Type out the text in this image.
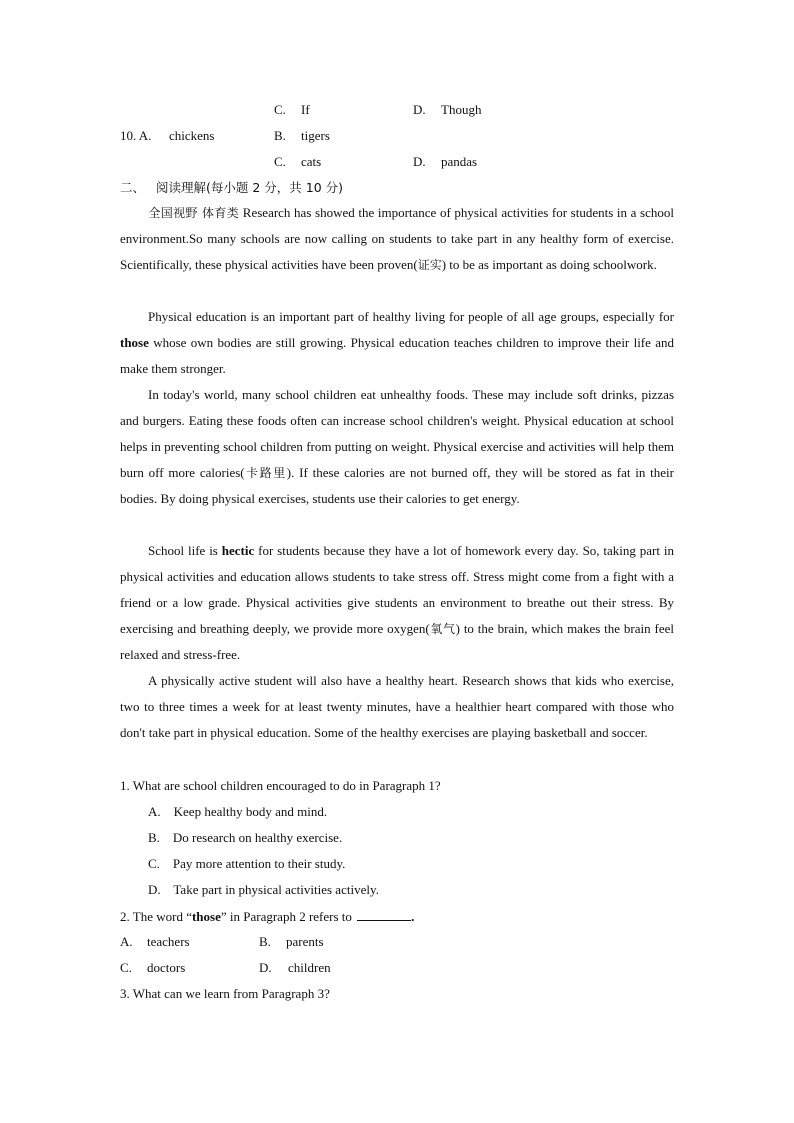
C. If	D. Though
10. A. chickens	B. tigers
C. cats	D. pandas
二、 阅读理解(每小题 2 分，共 10 分)
全国视野 体育类 Research has showed the importance of physical activities for students in a school environment.So many schools are now calling on students to take part in any healthy form of exercise. Scientifically, these physical activities have been proven(证实) to be as important as doing schoolwork.
Physical education is an important part of healthy living for people of all age groups, especially for those whose own bodies are still growing. Physical education teaches children to improve their life and make them stronger.
In today's world, many school children eat unhealthy foods. These may include soft drinks, pizzas and burgers. Eating these foods often can increase school children's weight. Physical education at school helps in preventing school children from putting on weight. Physical exercise and activities will help them burn off more calories(卡路里). If these calories are not burned off, they will be stored as fat in their bodies. By doing physical exercises, students use their calories to get energy.
School life is hectic for students because they have a lot of homework every day. So, taking part in physical activities and education allows students to take stress off. Stress might come from a fight with a friend or a low grade. Physical activities give students an environment to breathe out their stress. By exercising and breathing deeply, we provide more oxygen(氧气) to the brain, which makes the brain feel relaxed and stress-free.
A physically active student will also have a healthy heart. Research shows that kids who exercise, two to three times a week for at least twenty minutes, have a healthier heart compared with those who don't take part in physical education. Some of the healthy exercises are playing basketball and soccer.
1. What are school children encouraged to do in Paragraph 1?
A.    Keep healthy body and mind.
B.    Do research on healthy exercise.
C.    Pay more attention to their study.
D.    Take part in physical activities actively.
2. The word “those” in Paragraph 2 refers to	.
A. teachers	B. parents
C. doctors	D. children
3. What can we learn from Paragraph 3?
